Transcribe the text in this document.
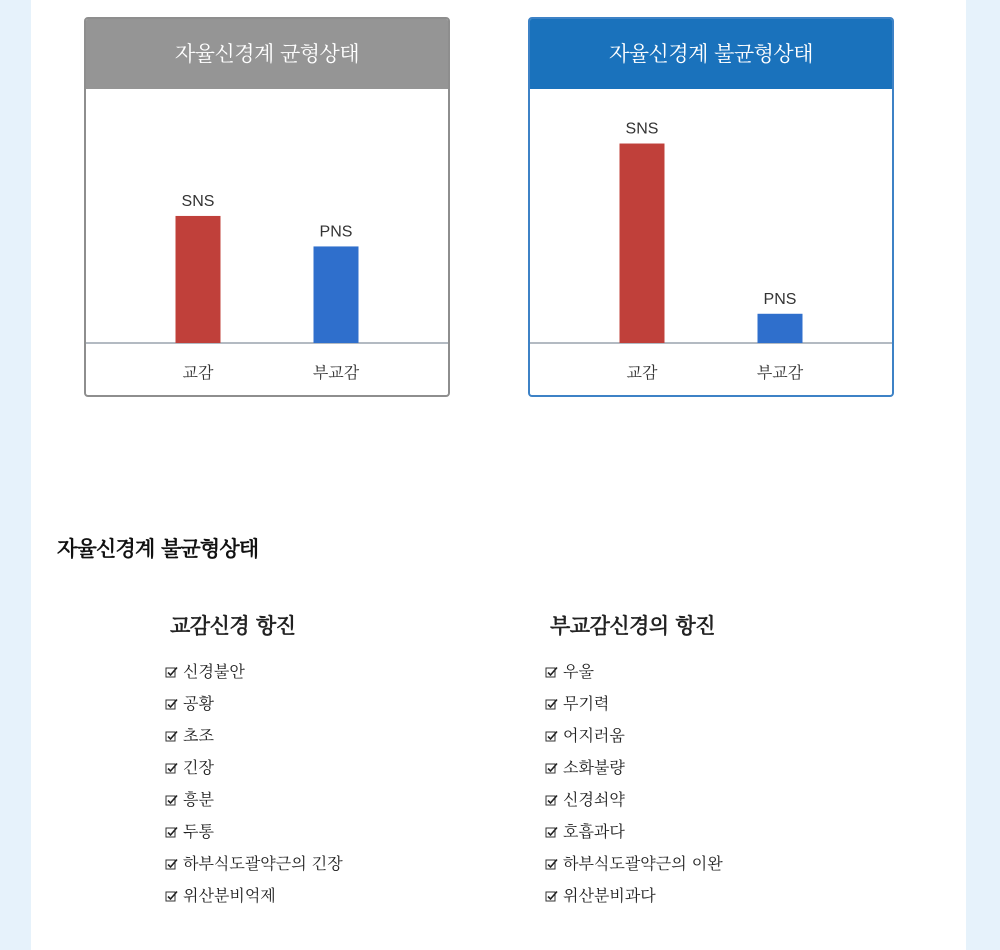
자율신경계 균형상태
SNS
교감
PNS
부교감
자율신경계 불균형상태
SNS
교감
PNS
부교감
자율신경계 불균형상태
교감신경 항진
신경불안
공황
초조
긴장
흥분
두통
하부식도괄약근의 긴장
위산분비억제
부교감신경의 항진
우울
무기력
어지러움
소화불량
신경쇠약
호흡과다
하부식도괄약근의 이완
위산분비과다
